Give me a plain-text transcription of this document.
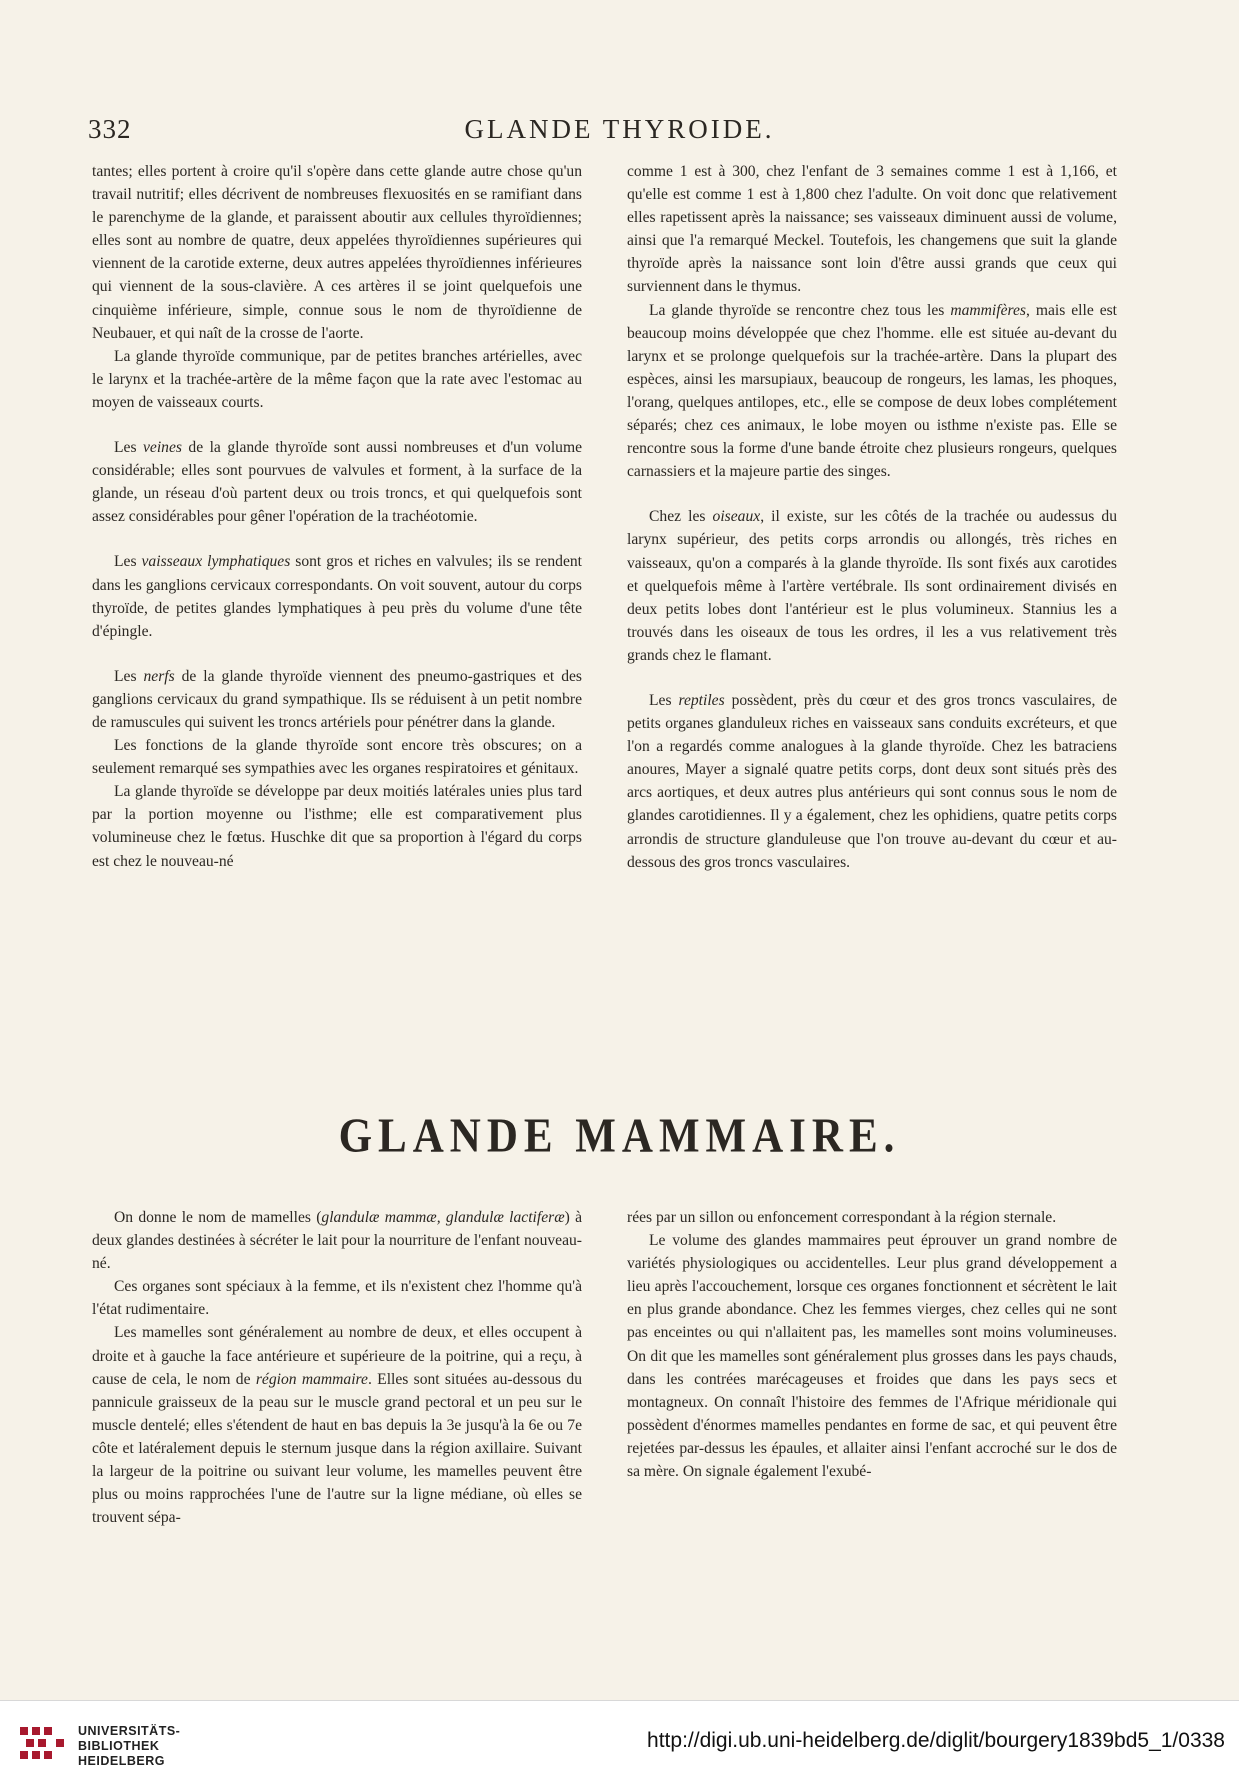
332	GLANDE THYROIDE.

tantes; elles portent à croire qu'il s'opère dans cette glande autre chose qu'un travail nutritif; elles décrivent de nombreuses flexuosités en se ramifiant dans le parenchyme de la glande, et paraissent aboutir aux cellules thyroïdiennes; elles sont au nombre de quatre, deux appelées thyroïdiennes supérieures qui viennent de la carotide externe, deux autres appelées thyroïdiennes inférieures qui viennent de la sous-clavière. A ces artères il se joint quelquefois une cinquième inférieure, simple, connue sous le nom de thyroïdienne de Neubauer, et qui naît de la crosse de l'aorte.

La glande thyroïde communique, par de petites branches artérielles, avec le larynx et la trachée-artère de la même façon que la rate avec l'estomac au moyen de vaisseaux courts.

Les veines de la glande thyroïde sont aussi nombreuses et d'un volume considérable; elles sont pourvues de valvules et forment, à la surface de la glande, un réseau d'où partent deux ou trois troncs, et qui quelquefois sont assez considérables pour gêner l'opération de la trachéotomie.

Les vaisseaux lymphatiques sont gros et riches en valvules; ils se rendent dans les ganglions cervicaux correspondants. On voit souvent, autour du corps thyroïde, de petites glandes lymphatiques à peu près du volume d'une tête d'épingle.

Les nerfs de la glande thyroïde viennent des pneumo-gastriques et des ganglions cervicaux du grand sympathique. Ils se réduisent à un petit nombre de ramuscules qui suivent les troncs artériels pour pénétrer dans la glande.

Les fonctions de la glande thyroïde sont encore très obscures; on a seulement remarqué ses sympathies avec les organes respiratoires et génitaux.

La glande thyroïde se développe par deux moitiés latérales unies plus tard par la portion moyenne ou l'isthme; elle est comparativement plus volumineuse chez le fœtus. Huschke dit que sa proportion à l'égard du corps est chez le nouveau-né

comme 1 est à 300, chez l'enfant de 3 semaines comme 1 est à 1,166, et qu'elle est comme 1 est à 1,800 chez l'adulte. On voit donc que relativement elles rapetissent après la naissance; ses vaisseaux diminuent aussi de volume, ainsi que l'a remarqué Meckel. Toutefois, les changemens que suit la glande thyroïde après la naissance sont loin d'être aussi grands que ceux qui surviennent dans le thymus.

La glande thyroïde se rencontre chez tous les mammifères, mais elle est beaucoup moins développée que chez l'homme. elle est située au-devant du larynx et se prolonge quelquefois sur la trachée-artère. Dans la plupart des espèces, ainsi les marsupiaux, beaucoup de rongeurs, les lamas, les phoques, l'orang, quelques antilopes, etc., elle se compose de deux lobes complétement séparés; chez ces animaux, le lobe moyen ou isthme n'existe pas. Elle se rencontre sous la forme d'une bande étroite chez plusieurs rongeurs, quelques carnassiers et la majeure partie des singes.

Chez les oiseaux, il existe, sur les côtés de la trachée ou audessus du larynx supérieur, des petits corps arrondis ou allongés, très riches en vaisseaux, qu'on a comparés à la glande thyroïde. Ils sont fixés aux carotides et quelquefois même à l'artère vertébrale. Ils sont ordinairement divisés en deux petits lobes dont l'antérieur est le plus volumineux. Stannius les a trouvés dans les oiseaux de tous les ordres, il les a vus relativement très grands chez le flamant.

Les reptiles possèdent, près du cœur et des gros troncs vasculaires, de petits organes glanduleux riches en vaisseaux sans conduits excréteurs, et que l'on a regardés comme analogues à la glande thyroïde. Chez les batraciens anoures, Mayer a signalé quatre petits corps, dont deux sont situés près des arcs aortiques, et deux autres plus antérieurs qui sont connus sous le nom de glandes carotidiennes. Il y a également, chez les ophidiens, quatre petits corps arrondis de structure glanduleuse que l'on trouve au-devant du cœur et au-dessous des gros troncs vasculaires.

GLANDE MAMMAIRE.

On donne le nom de mamelles (glandulæ mammæ, glandulæ lactiferæ) à deux glandes destinées à sécréter le lait pour la nourriture de l'enfant nouveau-né.

Ces organes sont spéciaux à la femme, et ils n'existent chez l'homme qu'à l'état rudimentaire.

Les mamelles sont généralement au nombre de deux, et elles occupent à droite et à gauche la face antérieure et supérieure de la poitrine, qui a reçu, à cause de cela, le nom de région mammaire. Elles sont situées au-dessous du pannicule graisseux de la peau sur le muscle grand pectoral et un peu sur le muscle dentelé; elles s'étendent de haut en bas depuis la 3e jusqu'à la 6e ou 7e côte et latéralement depuis le sternum jusque dans la région axillaire. Suivant la largeur de la poitrine ou suivant leur volume, les mamelles peuvent être plus ou moins rapprochées l'une de l'autre sur la ligne médiane, où elles se trouvent sépa-

rées par un sillon ou enfoncement correspondant à la région sternale.

Le volume des glandes mammaires peut éprouver un grand nombre de variétés physiologiques ou accidentelles. Leur plus grand développement a lieu après l'accouchement, lorsque ces organes fonctionnent et sécrètent le lait en plus grande abondance. Chez les femmes vierges, chez celles qui ne sont pas enceintes ou qui n'allaitent pas, les mamelles sont moins volumineuses. On dit que les mamelles sont généralement plus grosses dans les pays chauds, dans les contrées marécageuses et froides que dans les pays secs et montagneux. On connaît l'histoire des femmes de l'Afrique méridionale qui possèdent d'énormes mamelles pendantes en forme de sac, et qui peuvent être rejetées par-dessus les épaules, et allaiter ainsi l'enfant accroché sur le dos de sa mère. On signale également l'exubé-

UNIVERSITÄTS-
BIBLIOTHEK
HEIDELBERG
http://digi.ub.uni-heidelberg.de/diglit/bourgery1839bd5_1/0338
